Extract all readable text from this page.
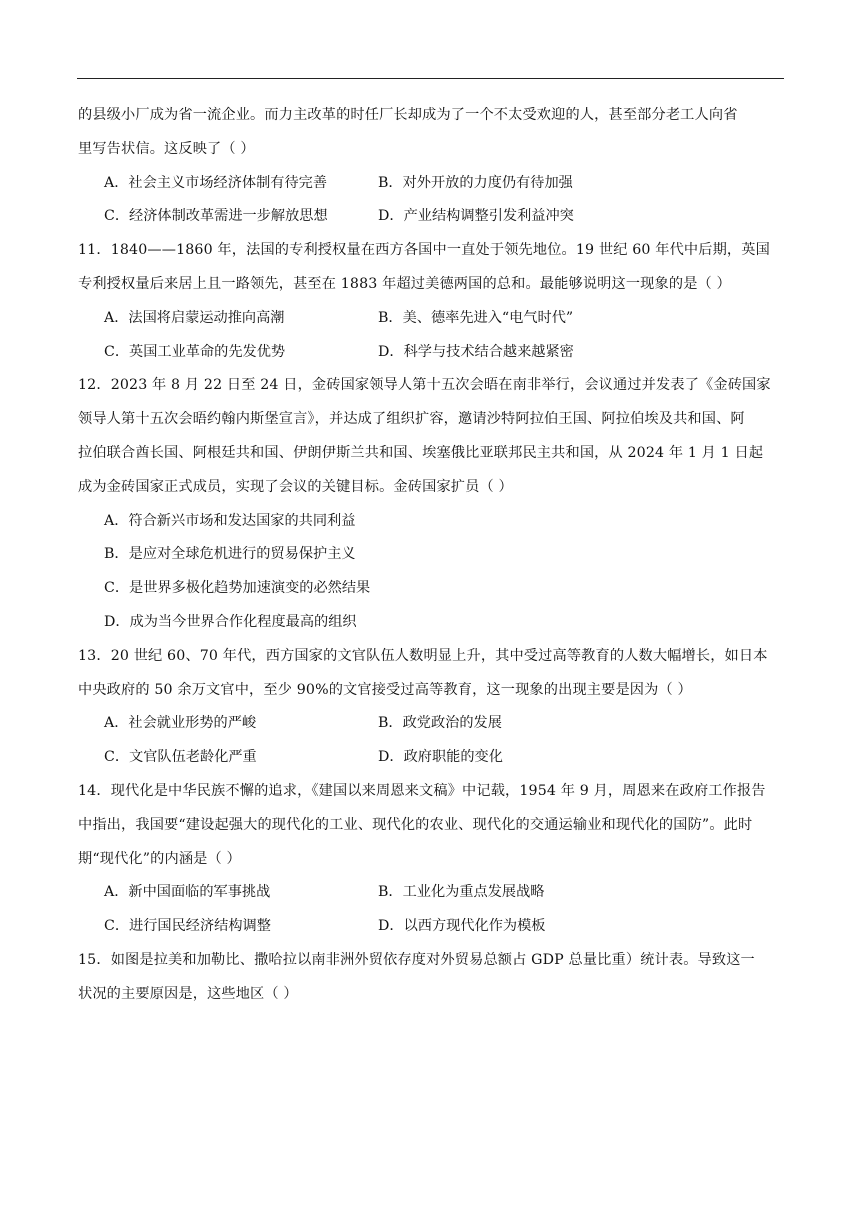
的县级小厂成为省一流企业。而力主改革的时任厂长却成为了一个不太受欢迎的人，甚至部分老工人向省
里写告状信。这反映了（ ）
A．社会主义市场经济体制有待完善	B．对外开放的力度仍有待加强
C．经济体制改革需进一步解放思想	D．产业结构调整引发利益冲突
11．1840——1860 年，法国的专利授权量在西方各国中一直处于领先地位。19 世纪 60 年代中后期，英国
专利授权量后来居上且一路领先，甚至在 1883 年超过美德两国的总和。最能够说明这一现象的是（ ）
A．法国将启蒙运动推向高潮	B．美、德率先进入“电气时代”
C．英国工业革命的先发优势	D．科学与技术结合越来越紧密
12．2023 年 8 月 22 日至 24 日，金砖国家领导人第十五次会晤在南非举行，会议通过并发表了《金砖国家
领导人第十五次会晤约翰内斯堡宣言》，并达成了组织扩容，邀请沙特阿拉伯王国、阿拉伯埃及共和国、阿
拉伯联合酋长国、阿根廷共和国、伊朗伊斯兰共和国、埃塞俄比亚联邦民主共和国，从 2024 年 1 月 1 日起
成为金砖国家正式成员，实现了会议的关键目标。金砖国家扩员（ ）
A．符合新兴市场和发达国家的共同利益
B．是应对全球危机进行的贸易保护主义
C．是世界多极化趋势加速演变的必然结果
D．成为当今世界合作化程度最高的组织
13．20 世纪 60、70 年代，西方国家的文官队伍人数明显上升，其中受过高等教育的人数大幅增长，如日本
中央政府的 50 余万文官中，至少 90%的文官接受过高等教育，这一现象的出现主要是因为（ ）
A．社会就业形势的严峻	B．政党政治的发展
C．文官队伍老龄化严重	D．政府职能的变化
14．现代化是中华民族不懈的追求，《建国以来周恩来文稿》中记载，1954 年 9 月，周恩来在政府工作报告
中指出，我国要“建设起强大的现代化的工业、现代化的农业、现代化的交通运输业和现代化的国防”。此时
期“现代化”的内涵是（ ）
A．新中国面临的军事挑战	B．工业化为重点发展战略
C．进行国民经济结构调整	D．以西方现代化作为模板
15．如图是拉美和加勒比、撒哈拉以南非洲外贸依存度对外贸易总额占 GDP 总量比重）统计表。导致这一
状况的主要原因是，这些地区（ ）
